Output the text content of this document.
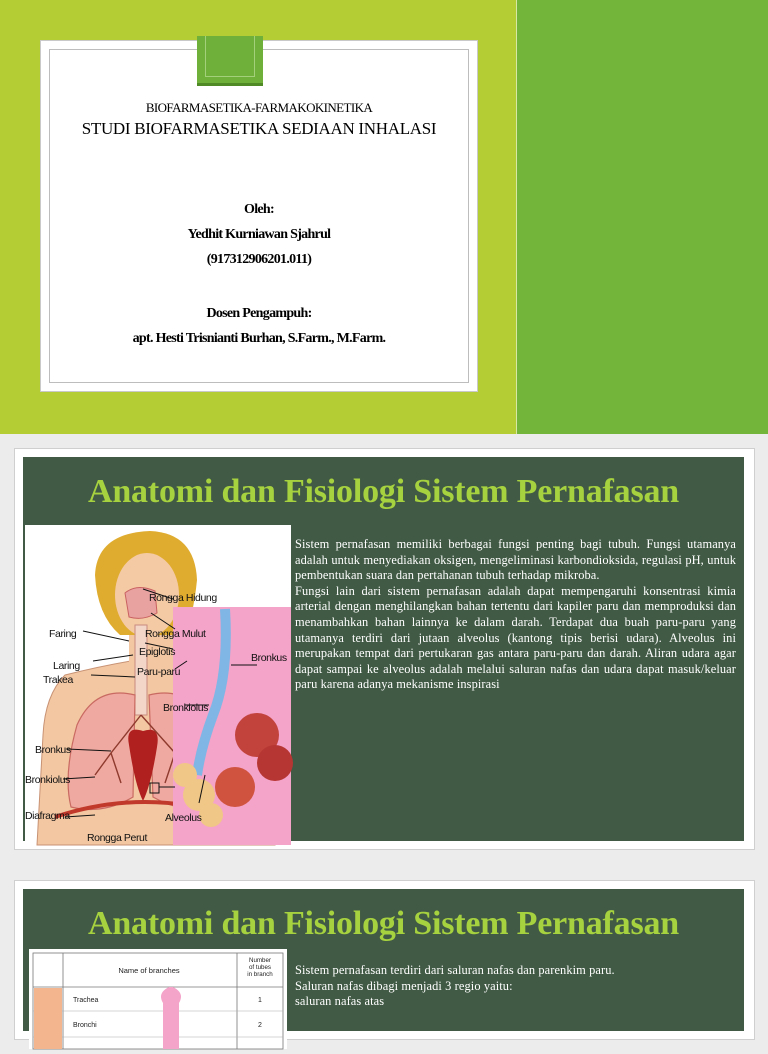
BIOFARMASETIKA-FARMAKOKINETIKA
STUDI BIOFARMASETIKA SEDIAAN INHALASI
Oleh:
Yedhit Kurniawan Sjahrul
(917312906201.011)
Dosen Pengampuh:
apt. Hesti Trisnianti Burhan, S.Farm., M.Farm.
Anatomi dan Fisiologi Sistem Pernafasan
Rongga Hidung
Faring	Rongga Mulut
Epiglotis
Laring
Trakea
Paru-paru
Bronkus
Bronkiolus
Bronkus
Bronkiolus
Diafragma
Rongga Perut
Alveolus

Sistem pernafasan memiliki berbagai fungsi penting bagi tubuh. Fungsi utamanya adalah untuk menyediakan oksigen, mengeliminasi karbondioksida, regulasi pH, untuk pembentukan suara dan pertahanan tubuh terhadap mikroba.

Fungsi lain dari sistem pernafasan adalah dapat mempengaruhi konsentrasi kimia arterial dengan menghilangkan bahan tertentu dari kapiler paru dan memproduksi dan menambahkan bahan lainnya ke dalam darah. Terdapat dua buah paru-paru yang utamanya terdiri dari jutaan alveolus (kantong tipis berisi udara). Alveolus ini merupakan tempat dari pertukaran gas antara paru-paru dan darah. Aliran udara agar dapat sampai ke alveolus adalah melalui saluran nafas dan udara dapat masuk/keluar paru karena adanya mekanisme inspirasi

Anatomi dan Fisiologi Sistem Pernafasan
Name of branches
Number of tubes in branch
Trachea	1
Bronchi	2

Sistem pernafasan terdiri dari saluran nafas dan parenkim paru.

Saluran nafas dibagi menjadi 3 regio yaitu:

saluran nafas atas
